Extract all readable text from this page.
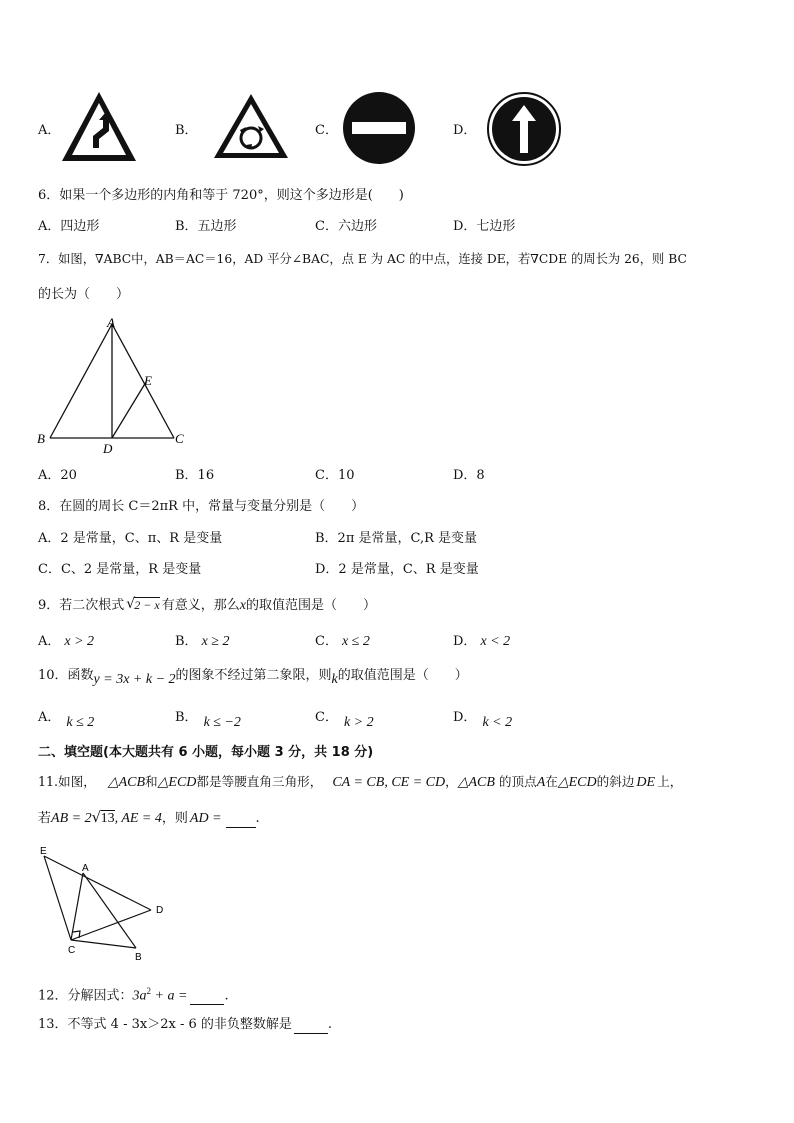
A．	B．	C．	D．
6．如果一个多边形的内角和等于 720°，则这个多边形是(　　)
A．四边形	B．五边形	C．六边形	D．七边形
7．如图，∇ABC中，AB＝AC＝16，AD 平分∠BAC，点 E 为 AC 的中点，连接 DE，若∇CDE 的周长为 26，则 BC
的长为（　　）
A
E
B	C
D
A．20	B．16	C．10	D．8
8．在圆的周长 C＝2πR 中，常量与变量分别是（　　）
A．2 是常量，C、π、R 是变量	B．2π 是常量，C,R 是变量
C．C、2 是常量，R 是变量	D．2 是常量，C、R 是变量
9．若二次根式 √ 2 − x 有意义，那么x的取值范围是（　　）
A． x > 2	B． x ≥ 2	C． x ≤ 2	D． x < 2
10．函数y = 3x + k − 2的图象不经过第二象限，则k的取值范围是（　　）
A． k ≤ 2	B． k ≤ −2	C． k > 2	D． k < 2
二、填空题(本大题共有 6 小题，每小题 3 分，共 18 分)
11.如图， △ACB和△ECD都是等腰直角三角形， CA = CB, CE = CD，△ACB 的顶点A在△ECD的斜边 DE 上，
若AB = 2 √ 13, AE = 4，则 AD =	.
E
A
D
C
B
12．分解因式：$3a^2 + a$ =	.
13．不等式 4 - 3x＞2x - 6 的非负整数解是	.
